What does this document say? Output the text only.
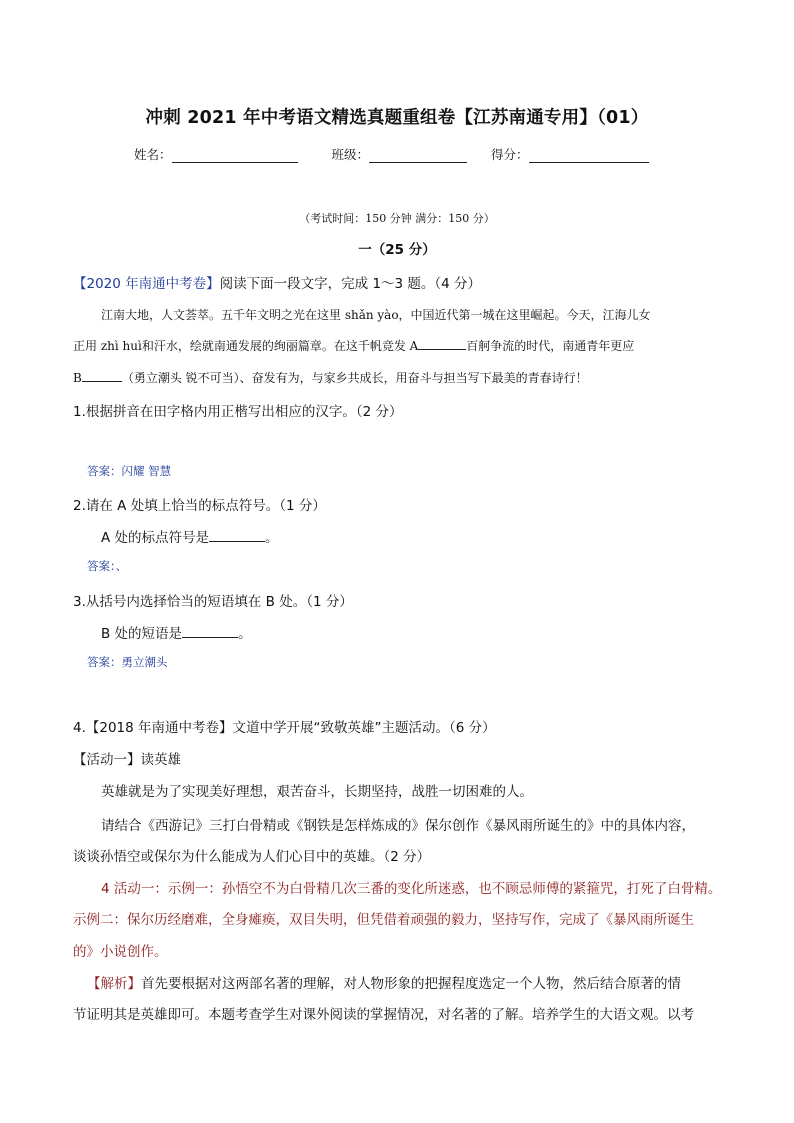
冲刺 2021 年中考语文精选真题重组卷【江苏南通专用】（01）
姓名：	班级：	得分：
（考试时间：150 分钟 满分：150 分）
一（25 分）
【2020 年南通中考卷】阅读下面一段文字，完成 1～3 题。（4 分）
江南大地，人文荟萃。五千年文明之光在这里 shǎn yào，中国近代第一城在这里崛起。今天，江海儿女
正用 zhì huì和汗水，绘就南通发展的绚丽篇章。在这千帆竞发 A	百舸争流的时代，南通青年更应
B	（勇立潮头 锐不可当）、奋发有为，与家乡共成长，用奋斗与担当写下最美的青春诗行！
1.根据拼音在田字格内用正楷写出相应的汉字。（2 分）
答案：闪耀 智慧
2.请在 A 处填上恰当的标点符号。（1 分）
A 处的标点符号是	。
答案：、
3.从括号内选择恰当的短语填在 B 处。（1 分）
B 处的短语是	。
答案：勇立潮头
4.【2018 年南通中考卷】文道中学开展“致敬英雄”主题活动。（6 分）
【活动一】读英雄
英雄就是为了实现美好理想，艰苦奋斗，长期坚持，战胜一切困难的人。
请结合《西游记》三打白骨精或《钢铁是怎样炼成的》保尔创作《暴风雨所诞生的》中的具体内容，
谈谈孙悟空或保尔为什么能成为人们心目中的英雄。（2 分）
4 活动一：示例一：孙悟空不为白骨精几次三番的变化所迷惑，也不顾忌师傅的紧箍咒，打死了白骨精。
示例二：保尔历经磨难，全身瘫痪，双目失明，但凭借着顽强的毅力，坚持写作，完成了《暴风雨所诞生
的》小说创作。
【解析】首先要根据对这两部名著的理解，对人物形象的把握程度选定一个人物，然后结合原著的情
节证明其是英雄即可。本题考查学生对课外阅读的掌握情况，对名著的了解。培养学生的大语文观。以考
